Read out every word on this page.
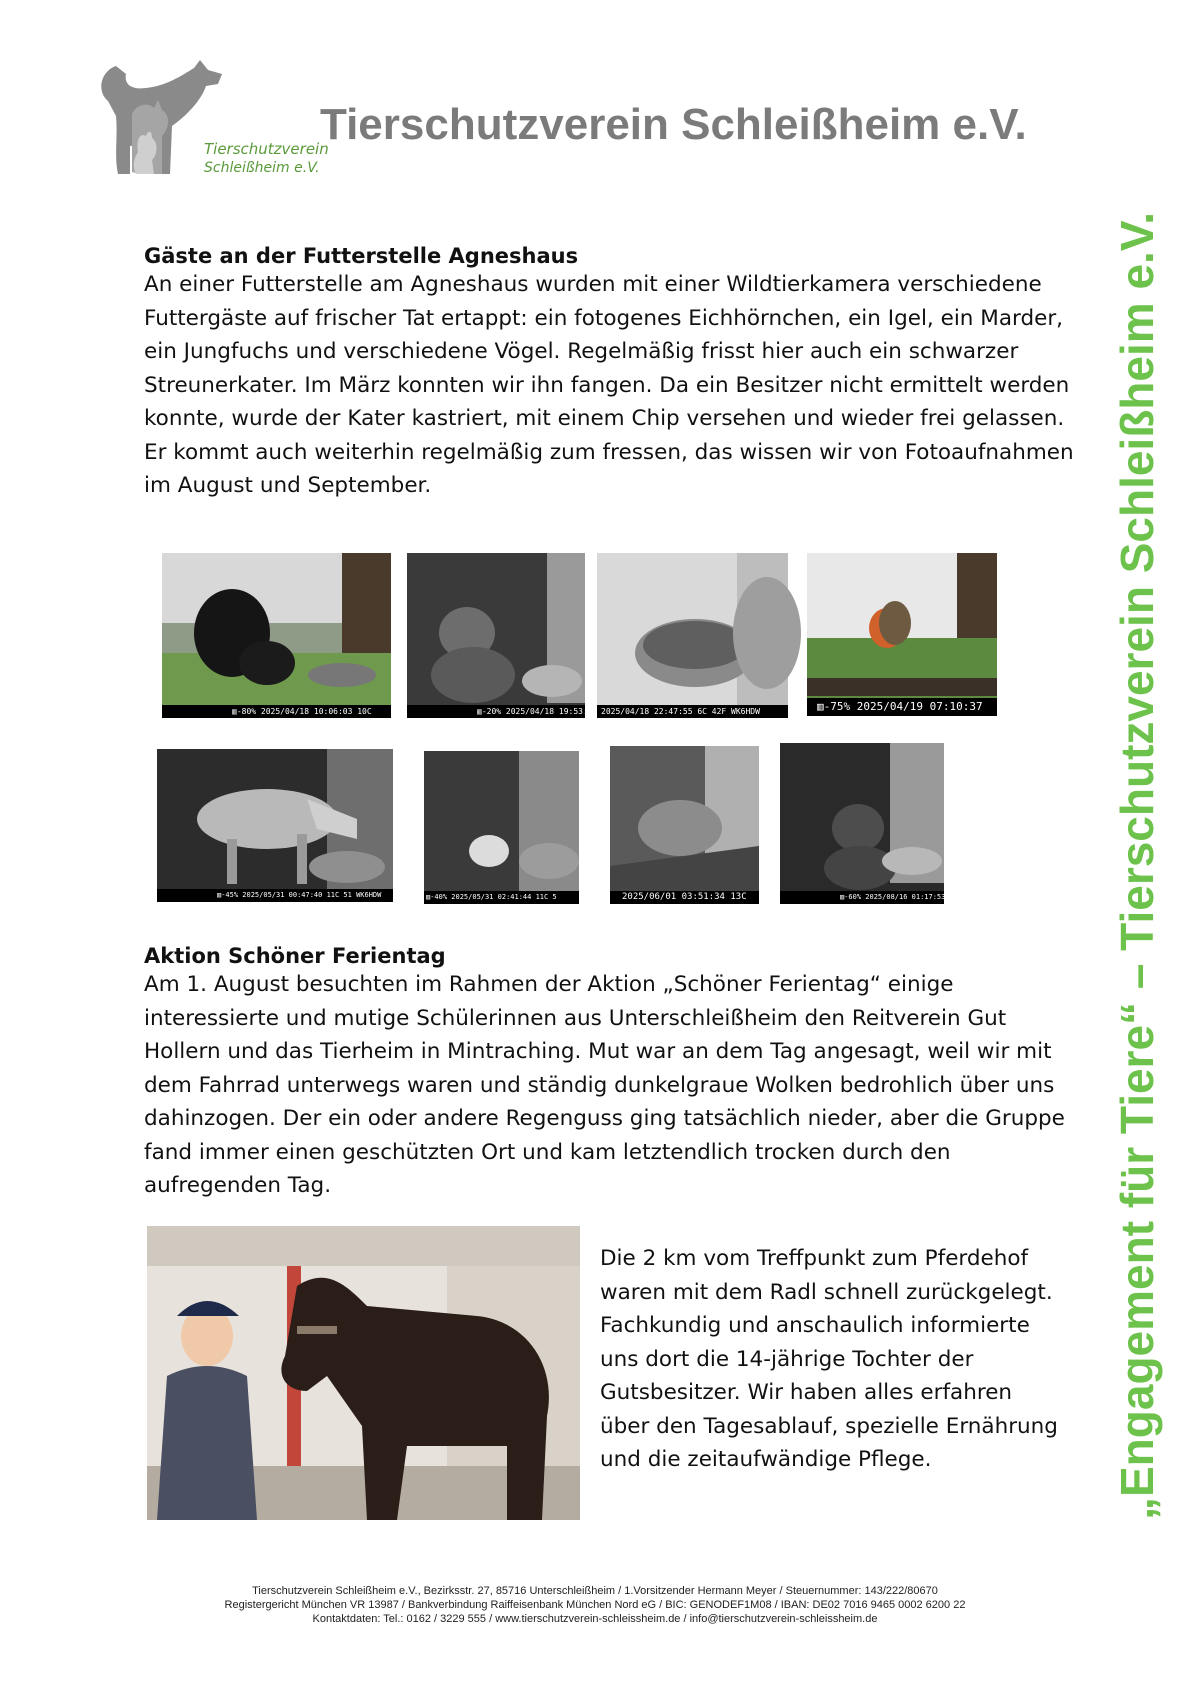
Tierschutzverein
Schleißheim e.V.
Tierschutzverein Schleißheim e.V.
„Engagement für Tiere“ – Tierschutzverein Schleißheim e.V.
Gäste an der Futterstelle Agneshaus

An einer Futterstelle am Agneshaus wurden mit einer Wildtierkamera verschiedene Futtergäste auf frischer Tat ertappt: ein fotogenes Eichhörnchen, ein Igel, ein Marder, ein Jungfuchs und verschiedene Vögel. Regelmäßig frisst hier auch ein schwarzer Streunerkater. Im März konnten wir ihn fangen. Da ein Besitzer nicht ermittelt werden konnte, wurde der Kater kastriert, mit einem Chip versehen und wieder frei gelassen. Er kommt auch weiterhin regelmäßig zum fressen, das wissen wir von Fotoaufnahmen im August und September.

▥-80% 2025/04/18 10:06:03 10C	▥-20% 2025/04/18 19:53:12 2025/04/18 22:47:55 6C 42F WK6HDW	▥-75% 2025/04/19 07:10:37
▥-45% 2025/05/31 00:47:40 11C 51 WK6HDW	▥-40% 2025/05/31 02:41:44 11C 5	2025/06/01 03:51:34 13C	▥-60% 2025/08/16 01:17:53
Aktion Schöner Ferientag

Am 1. August besuchten im Rahmen der Aktion „Schöner Ferientag“ einige interessierte und mutige Schülerinnen aus Unterschleißheim den Reitverein Gut Hollern und das Tierheim in Mintraching. Mut war an dem Tag angesagt, weil wir mit dem Fahrrad unterwegs waren und ständig dunkelgraue Wolken bedrohlich über uns dahinzogen. Der ein oder andere Regenguss ging tatsächlich nieder, aber die Gruppe fand immer einen geschützten Ort und kam letztendlich trocken durch den aufregenden Tag.

Die 2 km vom Treffpunkt zum Pferdehof waren mit dem Radl schnell zurückgelegt. Fachkundig und anschaulich informierte uns dort die 14-jährige Tochter der Gutsbesitzer. Wir haben alles erfahren über den Tagesablauf, spezielle Ernährung und die zeitaufwändige Pflege.

Tierschutzverein Schleißheim e.V., Bezirksstr. 27, 85716 Unterschleißheim / 1.Vorsitzender Hermann Meyer / Steuernummer: 143/222/80670
Registergericht München VR 13987 / Bankverbindung Raiffeisenbank München Nord eG / BIC: GENODEF1M08 / IBAN: DE02 7016 9465 0002 6200 22
Kontaktdaten: Tel.: 0162 / 3229 555 / www.tierschutzverein-schleissheim.de / info@tierschutzverein-schleissheim.de
